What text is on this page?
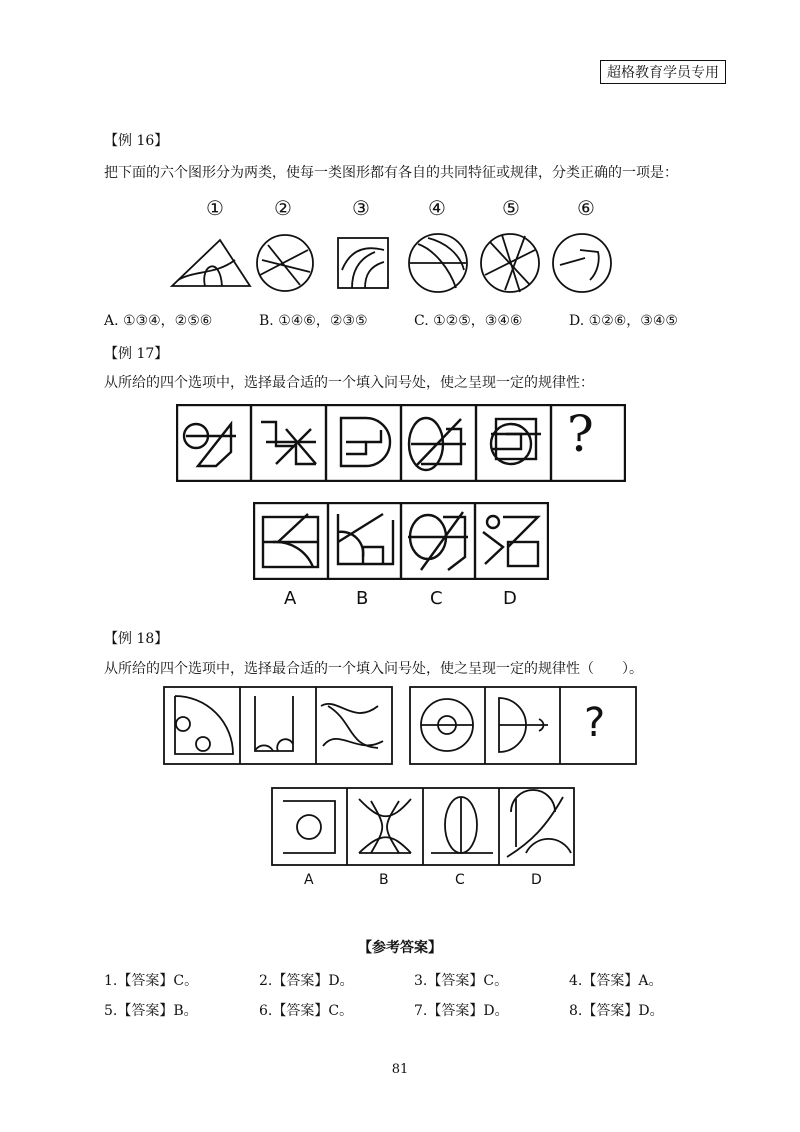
超格教育学员专用
【例 16】
把下面的六个图形分为两类，使每一类图形都有各自的共同特征或规律，分类正确的一项是：
①	②	③	④	⑤	⑥
A. ①③④，②⑤⑥	B. ①④⑥，②③⑤	C. ①②⑤，③④⑥	D. ①②⑥，③④⑤
【例 17】
从所给的四个选项中，选择最合适的一个填入问号处，使之呈现一定的规律性：
?
A	B	C	D
【例 18】
从所给的四个选项中，选择最合适的一个填入问号处，使之呈现一定的规律性（　　）。
?
A	B	C	D
【参考答案】
1.【答案】C。	2.【答案】D。	3.【答案】C。	4.【答案】A。
5.【答案】B。	6.【答案】C。	7.【答案】D。	8.【答案】D。
81
